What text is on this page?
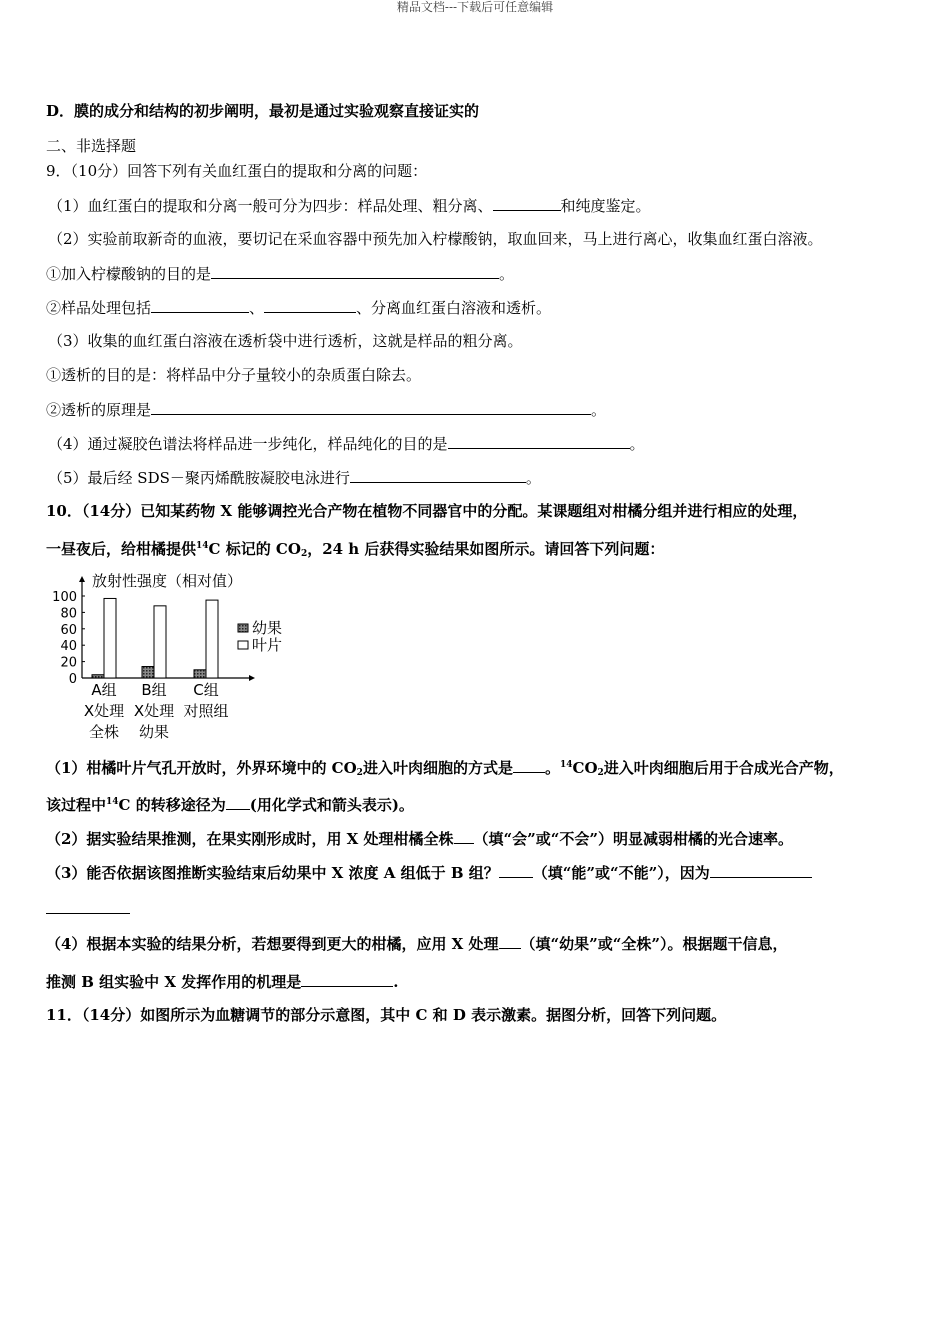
精品文档---下载后可任意编辑
D．膜的成分和结构的初步阐明，最初是通过实验观察直接证实的
二、非选择题
9．（10分）回答下列有关血红蛋白的提取和分离的问题：
（1）血红蛋白的提取和分离一般可分为四步：样品处理、粗分离、	和纯度鉴定。
（2）实验前取新奇的血液，要切记在采血容器中预先加入柠檬酸钠，取血回来，马上进行离心，收集血红蛋白溶液。
①加入柠檬酸钠的目的是	。
②样品处理包括	、	、分离血红蛋白溶液和透析。
（3）收集的血红蛋白溶液在透析袋中进行透析，这就是样品的粗分离。
①透析的目的是：将样品中分子量较小的杂质蛋白除去。
②透析的原理是	。
（4）通过凝胶色谱法将样品进一步纯化，样品纯化的目的是	。
（5）最后经 SDS－聚丙烯酰胺凝胶电泳进行	。
10．（14分）已知某药物 X 能够调控光合产物在植物不同器官中的分配。某课题组对柑橘分组并进行相应的处理，
一昼夜后，给柑橘提供$^{14}$C 标记的 $CO_2$，24 h 后获得实验结果如图所示。请回答下列问题：
放射性强度（相对值）
100
80
60
40
20
0
A组
X处理
全株
B组
X处理
幼果
C组
对照组
幼果
叶片
（1）柑橘叶片气孔开放时，外界环境中的 $CO_2$进入叶肉细胞的方式是 。$^{14}CO_2$进入叶肉细胞后用于合成光合产物，
该过程中$^{14}$C 的转移途径为 (用化学式和箭头表示)。
（2）据实验结果推测，在果实刚形成时，用 X 处理柑橘全株 （填“会”或“不会”）明显减弱柑橘的光合速率。
（3）能否依据该图推断实验结束后幼果中 X 浓度 A 组低于 B 组？ （填“能”或“不能”），因为
（4）根据本实验的结果分析，若想要得到更大的柑橘，应用 X 处理 （填“幼果”或“全株”）。根据题干信息，
推测 B 组实验中 X 发挥作用的机理是	.
11．（14分）如图所示为血糖调节的部分示意图，其中 C 和 D 表示激素。据图分析，回答下列问题。
